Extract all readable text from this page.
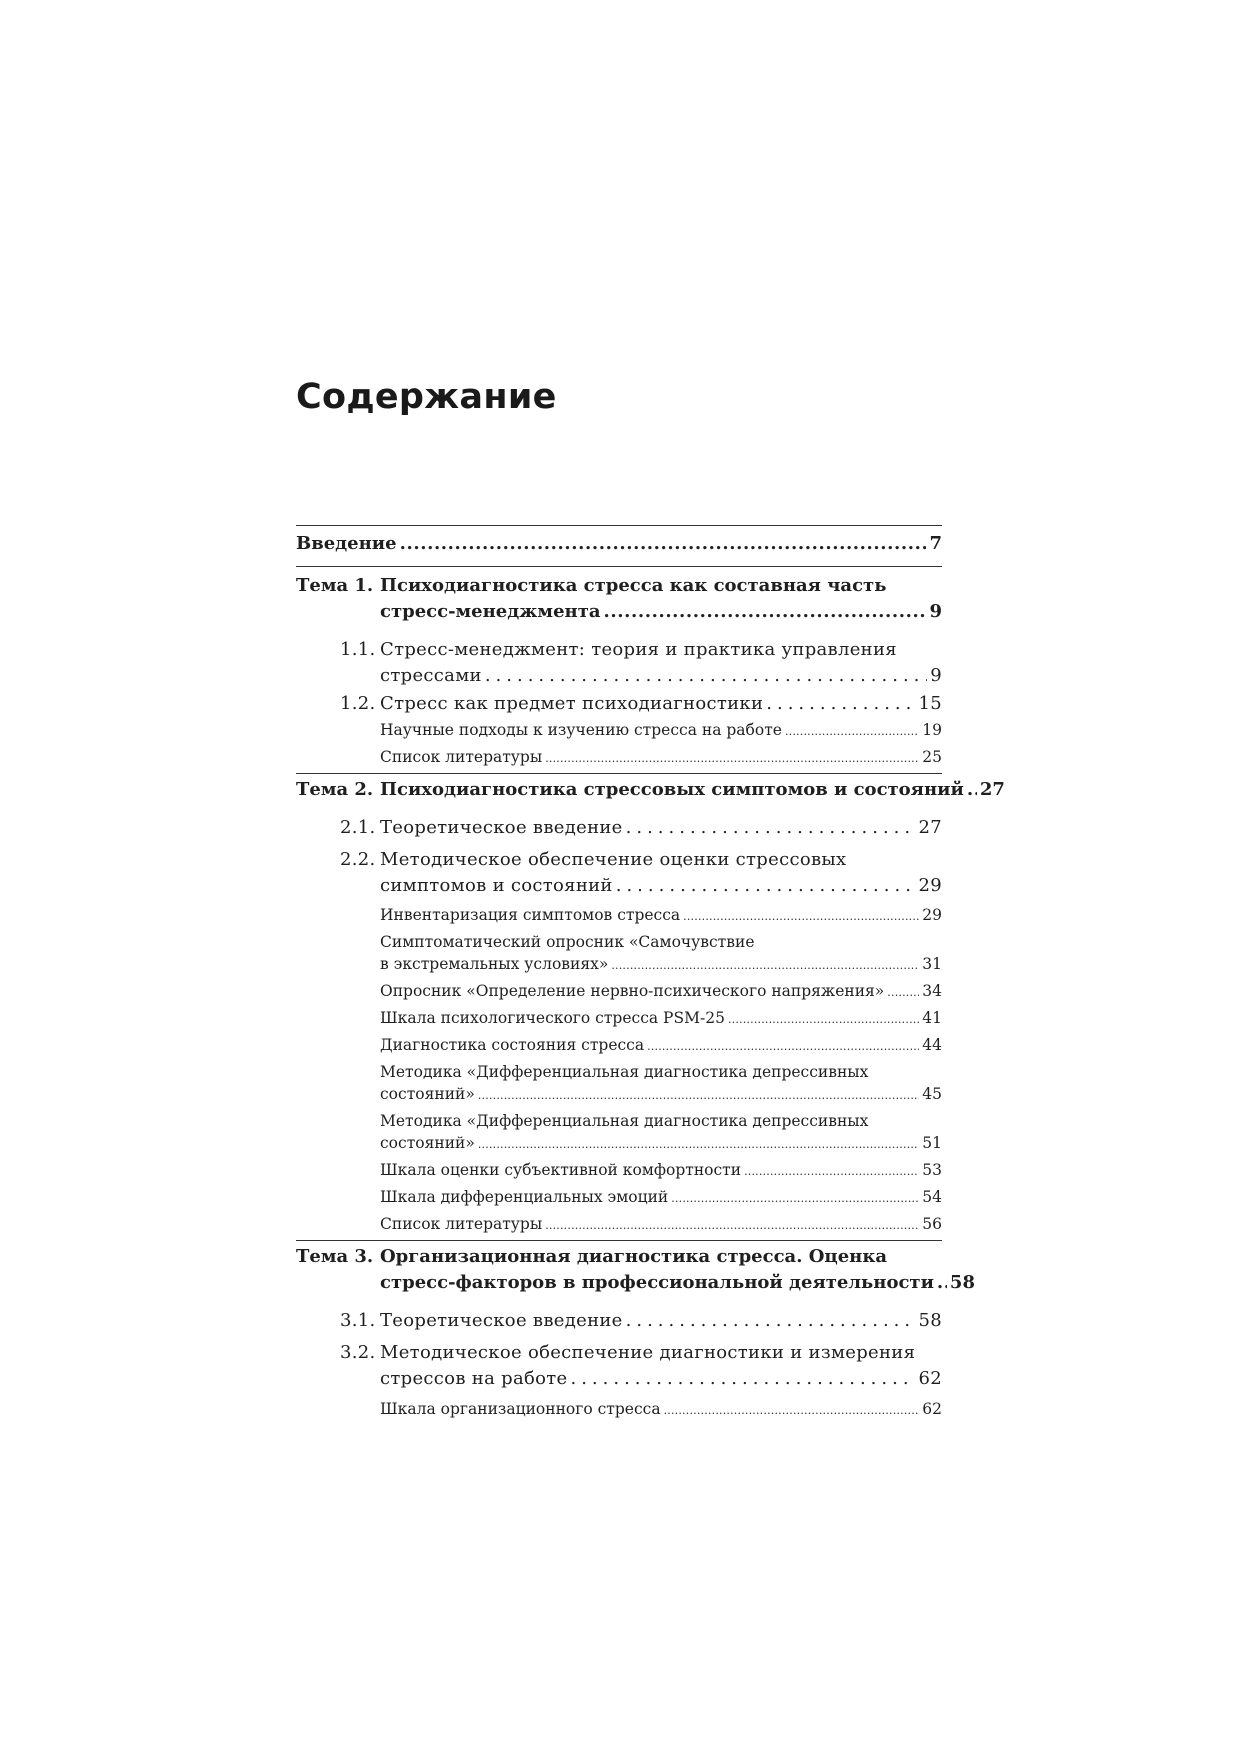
Содержание
Введение .....	7
Тема 1. Психодиагностика стресса как составная часть
стресс-менеджмента .....	9
1.1. Стресс-менеджмент: теория и практика управления
стрессами .....	9
1.2. Стресс как предмет психодиагностики .....	15
Научные подходы к изучению стресса на работе .....	19
Список литературы .....	25
Тема 2. Психодиагностика стрессовых симптомов и состояний ..... 27
2.1. Теоретическое введение .....	27
2.2. Методическое обеспечение оценки стрессовых
симптомов и состояний .....	29
Инвентаризация симптомов стресса .....	29
Симптоматический опросник «Самочувствие
в экстремальных условиях» .....	31
Опросник «Определение нервно-психического напряжения» ..... 34
Шкала психологического стресса PSM-25 .....	41
Диагностика состояния стресса .....	44
Методика «Дифференциальная диагностика депрессивных
состояний» .....	45
Методика «Дифференциальная диагностика депрессивных
состояний» .....	51
Шкала оценки субъективной комфортности .....	53
Шкала дифференциальных эмоций .....	54
Список литературы .....	56
Тема 3. Организационная диагностика стресса. Оценка
стресс-факторов в профессиональной деятельности ..... 58
3.1. Теоретическое введение .....	58
3.2. Методическое обеспечение диагностики и измерения
стрессов на работе .....	62
Шкала организационного стресса .....	62
